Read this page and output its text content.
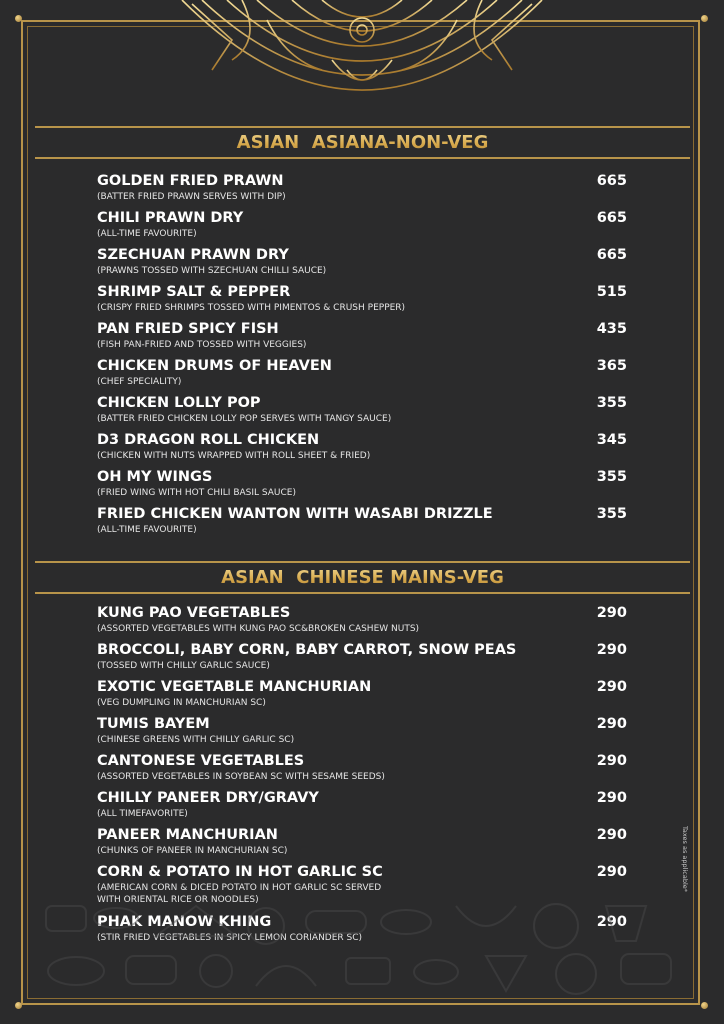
ASIAN  ASIANA-NON-VEG
GOLDEN FRIED PRAWN
(BATTER FRIED PRAWN SERVES WITH DIP)
665
CHILI PRAWN DRY
(ALL-TIME FAVOURITE)
665
SZECHUAN PRAWN DRY
(PRAWNS TOSSED WITH SZECHUAN CHILLI SAUCE)
665
SHRIMP SALT & PEPPER
(CRISPY FRIED SHRIMPS TOSSED WITH PIMENTOS & CRUSH PEPPER)
515
PAN FRIED SPICY FISH
(FISH PAN-FRIED AND TOSSED WITH VEGGIES)
435
CHICKEN DRUMS OF HEAVEN
(CHEF SPECIALITY)
365
CHICKEN LOLLY POP
(BATTER FRIED CHICKEN LOLLY POP SERVES WITH TANGY SAUCE)
355
D3 DRAGON ROLL CHICKEN
(CHICKEN WITH NUTS WRAPPED WITH ROLL SHEET & FRIED)
345
OH MY WINGS
(FRIED WING WITH HOT CHILI BASIL SAUCE)
355
FRIED CHICKEN WANTON WITH WASABI DRIZZLE
(ALL-TIME FAVOURITE)
355
ASIAN  CHINESE MAINS-VEG
KUNG PAO VEGETABLES
(ASSORTED VEGETABLES WITH KUNG PAO SC&BROKEN CASHEW NUTS)
290
BROCCOLI, BABY CORN, BABY CARROT, SNOW PEAS
(TOSSED WITH CHILLY GARLIC SAUCE)
290
EXOTIC VEGETABLE MANCHURIAN
(VEG DUMPLING IN MANCHURIAN SC)
290
TUMIS BAYEM
(CHINESE GREENS WITH CHILLY GARLIC SC)
290
CANTONESE VEGETABLES
(ASSORTED VEGETABLES IN SOYBEAN SC WITH SESAME SEEDS)
290
CHILLY PANEER DRY/GRAVY
(ALL TIMEFAVORITE)
290
PANEER MANCHURIAN
(CHUNKS OF PANEER IN MANCHURIAN SC)
290
CORN & POTATO IN HOT GARLIC SC
(AMERICAN CORN & DICED POTATO IN HOT GARLIC SC SERVED
WITH ORIENTAL RICE OR NOODLES)
290
PHAK MANOW KHING
(STIR FRIED VEGETABLES IN SPICY LEMON CORIANDER SC)
290
Taxes as applicable*
